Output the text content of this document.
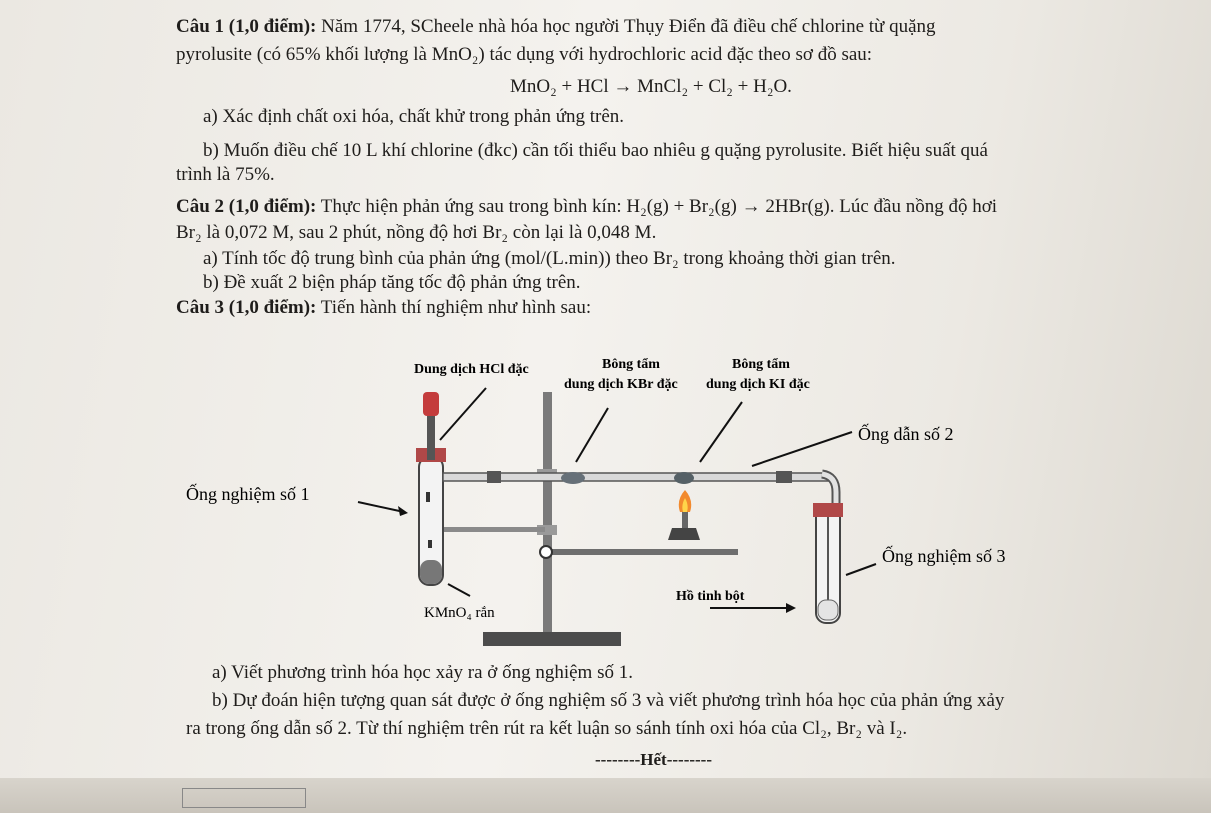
Câu 1 (1,0 điểm): Năm 1774, SCheele nhà hóa học người Thụy Điển đã điều chế chlorine từ quặng
pyrolusite (có 65% khối lượng là MnO₂) tác dụng với hydrochloric acid đặc theo sơ đồ sau:
MnO₂ + HCl → MnCl₂ + Cl₂ + H₂O.
a) Xác định chất oxi hóa, chất khử trong phản ứng trên.
b) Muốn điều chế 10 L khí chlorine (đkc) cần tối thiểu bao nhiêu g quặng pyrolusite. Biết hiệu suất quá
trình là 75%.
Câu 2 (1,0 điểm): Thực hiện phản ứng sau trong bình kín: H₂(g) + Br₂(g) → 2HBr(g). Lúc đầu nồng độ hơi
Br₂ là 0,072 M, sau 2 phút, nồng độ hơi Br₂ còn lại là 0,048 M.
a) Tính tốc độ trung bình của phản ứng (mol/(L.min)) theo Br₂ trong khoảng thời gian trên.
b) Đề xuất 2 biện pháp tăng tốc độ phản ứng trên.
Câu 3 (1,0 điểm): Tiến hành thí nghiệm như hình sau:
Dung dịch HCl đặc	Bông tẩm
dung dịch KBr đặc
Bông tẩm
dung dịch KI đặc
Ống dẫn số 2
Ống nghiệm số 1
Ống nghiệm số 3
Hồ tinh bột
KMnO₄ rắn
a) Viết phương trình hóa học xảy ra ở ống nghiệm số 1.
b) Dự đoán hiện tượng quan sát được ở ống nghiệm số 3 và viết phương trình hóa học của phản ứng xảy
ra trong ống dẫn số 2. Từ thí nghiệm trên rút ra kết luận so sánh tính oxi hóa của Cl₂, Br₂ và I₂.
--------Hết--------
